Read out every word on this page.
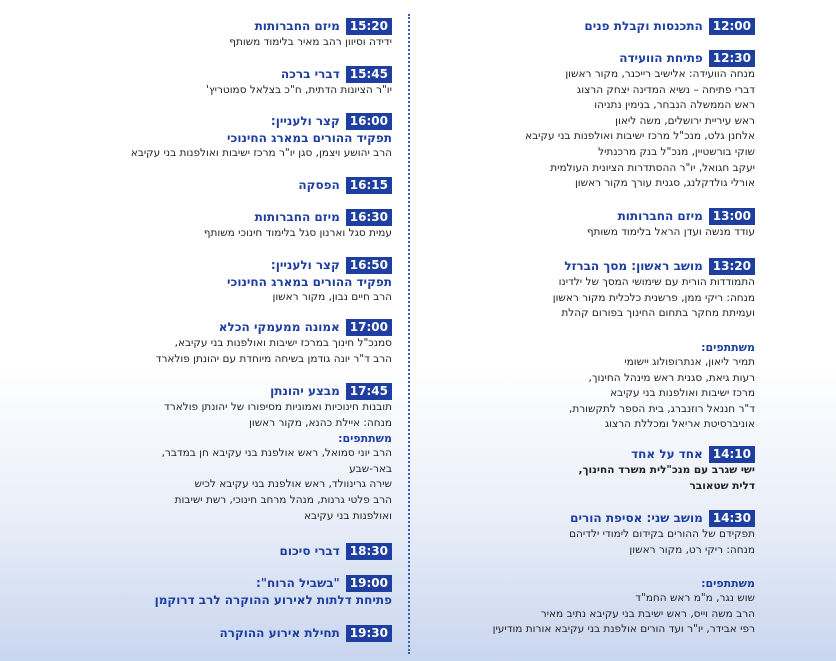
12:00
התכנסות וקבלת פנים
12:30
פתיחת הוועידה
מנחה הוועידה: אלישיב רייכנר, מקור ראשון
דברי פתיחה – נשיא המדינה יצחק הרצוג
ראש הממשלה הנבחר, בנימין נתניהו
ראש עיריית ירושלים, משה ליאון
אלחנן גלט, מנכ"ל מרכז ישיבות ואולפנות בני עקיבא
שוקי בורשטיין, מנכ"ל בנק מרכנתיל
יעקב חגואל, יו"ר ההסתדרות הציונית העולמית
אורלי גולדקלנג, סגנית עורך מקור ראשון
13:00
מיזם החברותות
עודד מנשה ועדן הראל בלימוד משותף
13:20
מושב ראשון: מסך הברזל
התמודדות הורית עם שימושי המסך של ילדינו
מנחה: ריקי ממן, פרשנית כלכלית מקור ראשון
ועמיתת מחקר בתחום החינוך בפורום קהלת
משתתפים:
תמיר ליאון, אנתרופולוג יישומי
רעות גיאת, סגנית ראש מינהל החינוך,
מרכז ישיבות ואולפנות בני עקיבא
ד"ר חננאל רוזנברג, בית הספר לתקשורת,
אוניברסיטת אריאל ומכללת הרצוג
14:10
אחד על אחד
ישי שגרב עם מנכ"לית משרד החינוך,
דלית שטאובר
14:30
מושב שני: אסיפת הורים
תפקידם של ההורים בקידום לימודי ילדיהם
מנחה: ריקי רט, מקור ראשון
משתתפים:
שוש נגר, מ"מ ראש החמ"ד
הרב משה וייס, ראש ישיבת בני עקיבא נתיב מאיר
רפי אבידר, יו"ר ועד הורים אולפנת בני עקיבא אורות מודיעין
15:20
מיזם החברותות
ידידה וסיוון רהב מאיר בלימוד משותף
15:45
דברי ברכה
יו"ר הציונות הדתית, ח"כ בצלאל סמוטריץ'
16:00
קצר ולעניין:
תפקיד ההורים במארג החינוכי
הרב יהושע ויצמן, סגן יו"ר מרכז ישיבות ואולפנות בני עקיבא
16:15
הפסקה
16:30
מיזם החברותות
עמית סגל וארנון סגל בלימוד חינוכי משותף
16:50
קצר ולעניין:
תפקיד ההורים במארג החינוכי
הרב חיים נבון, מקור ראשון
17:00
אמונה ממעמקי הכלא
סמנכ"ל חינוך במרכז ישיבות ואולפנות בני עקיבא,
הרב ד"ר יונה גודמן בשיחה מיוחדת עם יהונתן פולארד
17:45
מבצע יהונתן
תובנות חינוכיות ואמוניות מסיפורו של יהונתן פולארד
מנחה: איילת כהנא, מקור ראשון
משתתפים:
הרב יוני סמואל, ראש אולפנת בני עקיבא חן במדבר,
באר-שבע
שירה גרינוולד, ראש אולפנת בני עקיבא לכיש
הרב פלטי גרנות, מנהל מרחב חינוכי, רשת ישיבות
ואולפנות בני עקיבא
18:30
דברי סיכום
19:00
"בשביל הרוח":
פתיחת דלתות לאירוע ההוקרה לרב דרוקמן
19:30
תחילת אירוע ההוקרה
